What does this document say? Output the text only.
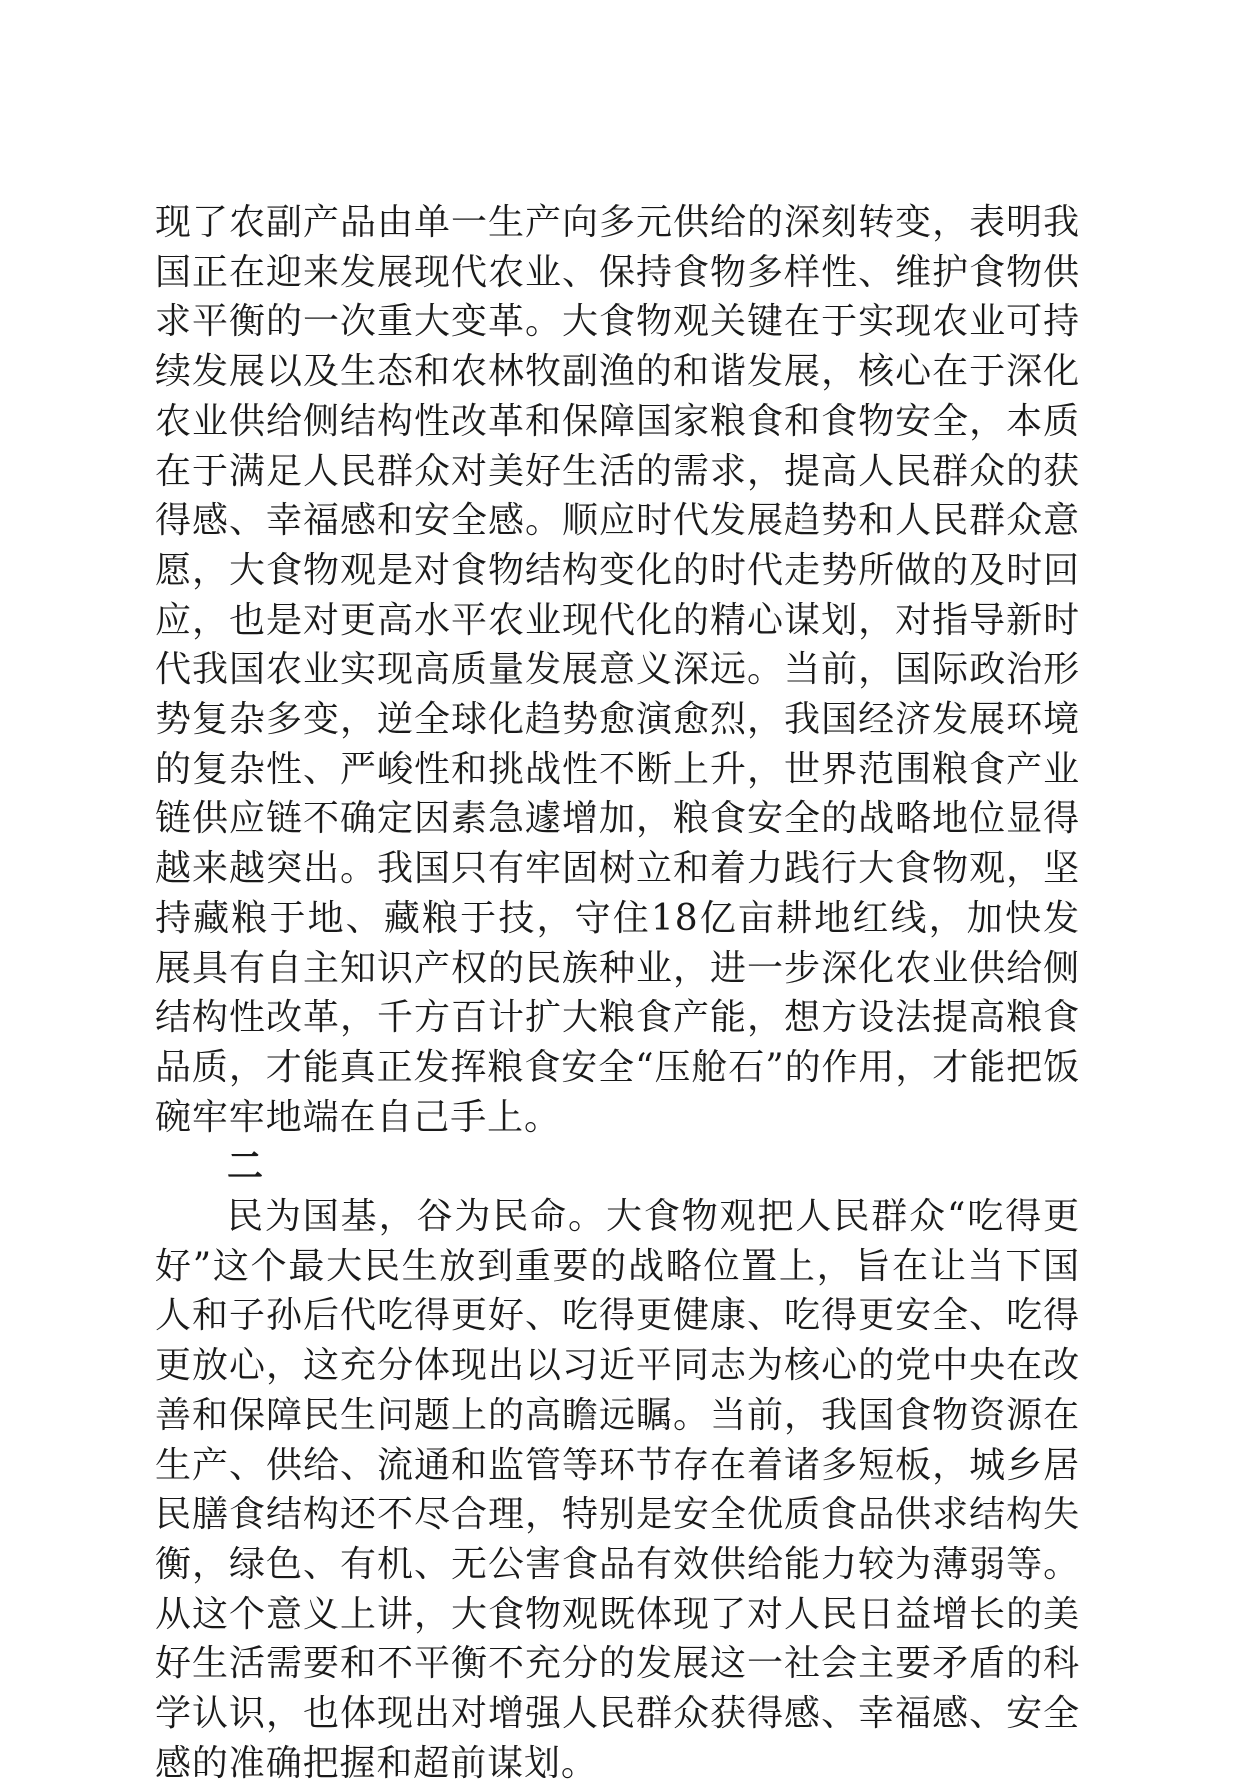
现了农副产品由单一生产向多元供给的深刻转变，表明我国正在迎来发展现代农业、保持食物多样性、维护食物供求平衡的一次重大变革。大食物观关键在于实现农业可持续发展以及生态和农林牧副渔的和谐发展，核心在于深化农业供给侧结构性改革和保障国家粮食和食物安全，本质在于满足人民群众对美好生活的需求，提高人民群众的获得感、幸福感和安全感。顺应时代发展趋势和人民群众意愿，大食物观是对食物结构变化的时代走势所做的及时回应，也是对更高水平农业现代化的精心谋划，对指导新时代我国农业实现高质量发展意义深远。当前，国际政治形势复杂多变，逆全球化趋势愈演愈烈，我国经济发展环境的复杂性、严峻性和挑战性不断上升，世界范围粮食产业链供应链不确定因素急遽增加，粮食安全的战略地位显得越来越突出。我国只有牢固树立和着力践行大食物观，坚持藏粮于地、藏粮于技，守住18亿亩耕地红线，加快发展具有自主知识产权的民族种业，进一步深化农业供给侧结构性改革，千方百计扩大粮食产能，想方设法提高粮食品质，才能真正发挥粮食安全“压舱石”的作用，才能把饭碗牢牢地端在自己手上。

二

民为国基，谷为民命。大食物观把人民群众“吃得更好”这个最大民生放到重要的战略位置上，旨在让当下国人和子孙后代吃得更好、吃得更健康、吃得更安全、吃得更放心，这充分体现出以习近平同志为核心的党中央在改善和保障民生问题上的高瞻远瞩。当前，我国食物资源在生产、供给、流通和监管等环节存在着诸多短板，城乡居民膳食结构还不尽合理，特别是安全优质食品供求结构失衡，绿色、有机、无公害食品有效供给能力较为薄弱等。从这个意义上讲，大食物观既体现了对人民日益增长的美好生活需要和不平衡不充分的发展这一社会主要矛盾的科学认识，也体现出对增强人民群众获得感、幸福感、安全感的准确把握和超前谋划。
